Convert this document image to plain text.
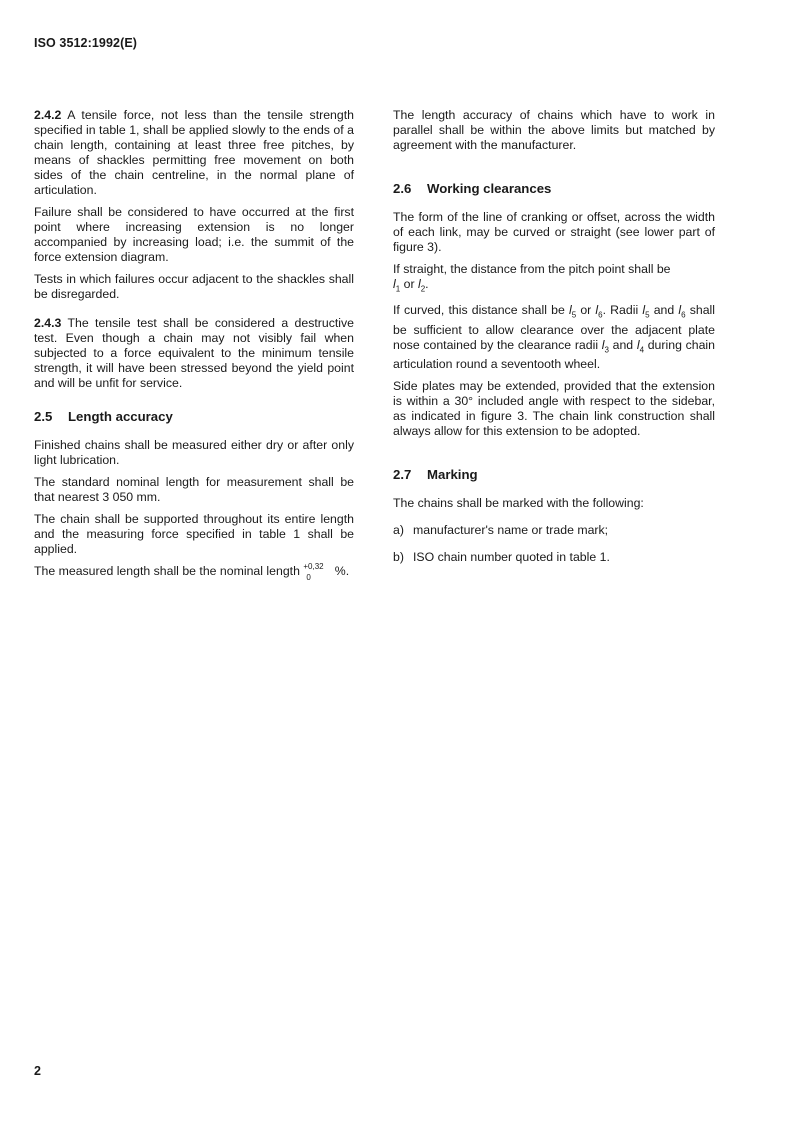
ISO 3512:1992(E)

2.4.2 A tensile force, not less than the tensile strength specified in table 1, shall be applied slowly to the ends of a chain length, containing at least three free pitches, by means of shackles permitting free movement on both sides of the chain centreline, in the normal plane of articulation.

Failure shall be considered to have occurred at the first point where increasing extension is no longer accompanied by increasing load; i.e. the summit of the force extension diagram.

Tests in which failures occur adjacent to the shackles shall be disregarded.

2.4.3 The tensile test shall be considered a destructive test. Even though a chain may not visibly fail when subjected to a force equivalent to the minimum tensile strength, it will have been stressed beyond the yield point and will be unfit for service.

2.5 Length accuracy

Finished chains shall be measured either dry or after only light lubrication.

The standard nominal length for measurement shall be that nearest 3 050 mm.

The chain shall be supported throughout its entire length and the measuring force specified in table 1 shall be applied.

The measured length shall be the nominal length +0,32
0 %.

The length accuracy of chains which have to work in parallel shall be within the above limits but matched by agreement with the manufacturer.

2.6 Working clearances

The form of the line of cranking or offset, across the width of each link, may be curved or straight (see lower part of figure 3).

If straight, the distance from the pitch point shall be
$l_1$ or $l_2$.

If curved, this distance shall be $l_5$ or $l_6$. Radii $l_5$ and $l_6$ shall be sufficient to allow clearance over the adjacent plate nose contained by the clearance radii $l_3$ and $l_4$ during chain articulation round a seventooth wheel.

Side plates may be extended, provided that the extension is within a 30° included angle with respect to the sidebar, as indicated in figure 3. The chain link construction shall always allow for this extension to be adopted.

2.7 Marking

The chains shall be marked with the following:

a) manufacturer's name or trade mark;
b) ISO chain number quoted in table 1.
2
